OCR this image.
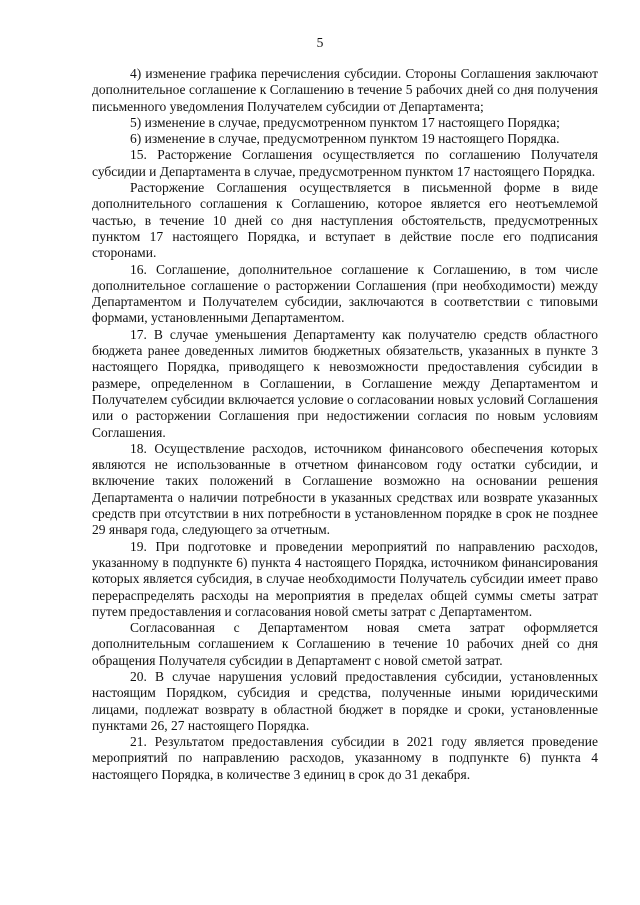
5

4) изменение графика перечисления субсидии. Стороны Соглашения заключают дополнительное соглашение к Соглашению в течение 5 рабочих дней со дня получения письменного уведомления Получателем субсидии от Департамента;

5) изменение в случае, предусмотренном пунктом 17 настоящего Порядка;

6) изменение в случае, предусмотренном пунктом 19 настоящего Порядка.

15. Расторжение Соглашения осуществляется по соглашению Получателя субсидии и Департамента в случае, предусмотренном пунктом 17 настоящего Порядка.

Расторжение Соглашения осуществляется в письменной форме в виде дополнительного соглашения к Соглашению, которое является его неотъемлемой частью, в течение 10 дней со дня наступления обстоятельств, предусмотренных пунктом 17 настоящего Порядка, и вступает в действие после его подписания сторонами.

16. Соглашение, дополнительное соглашение к Соглашению, в том числе дополнительное соглашение о расторжении Соглашения (при необходимости) между Департаментом и Получателем субсидии, заключаются в соответствии с типовыми формами, установленными Департаментом.

17. В случае уменьшения Департаменту как получателю средств областного бюджета ранее доведенных лимитов бюджетных обязательств, указанных в пункте 3 настоящего Порядка, приводящего к невозможности предоставления субсидии в размере, определенном в Соглашении, в Соглашение между Департаментом и Получателем субсидии включается условие о согласовании новых условий Соглашения или о расторжении Соглашения при недостижении согласия по новым условиям Соглашения.

18. Осуществление расходов, источником финансового обеспечения которых являются не использованные в отчетном финансовом году остатки субсидии, и включение таких положений в Соглашение возможно на основании решения Департамента о наличии потребности в указанных средствах или возврате указанных средств при отсутствии в них потребности в установленном порядке в срок не позднее 29 января года, следующего за отчетным.

19. При подготовке и проведении мероприятий по направлению расходов, указанному в подпункте 6) пункта 4 настоящего Порядка, источником финансирования которых является субсидия, в случае необходимости Получатель субсидии имеет право перераспределять расходы на мероприятия в пределах общей суммы сметы затрат путем предоставления и согласования новой сметы затрат с Департаментом.

Согласованная с Департаментом новая смета затрат оформляется дополнительным соглашением к Соглашению в течение 10 рабочих дней со дня обращения Получателя субсидии в Департамент с новой сметой затрат.

20. В случае нарушения условий предоставления субсидии, установленных настоящим Порядком, субсидия и средства, полученные иными юридическими лицами, подлежат возврату в областной бюджет в порядке и сроки, установленные пунктами 26, 27 настоящего Порядка.

21. Результатом предоставления субсидии в 2021 году является проведение мероприятий по направлению расходов, указанному в подпункте 6) пункта 4 настоящего Порядка, в количестве 3 единиц в срок до 31 декабря.
